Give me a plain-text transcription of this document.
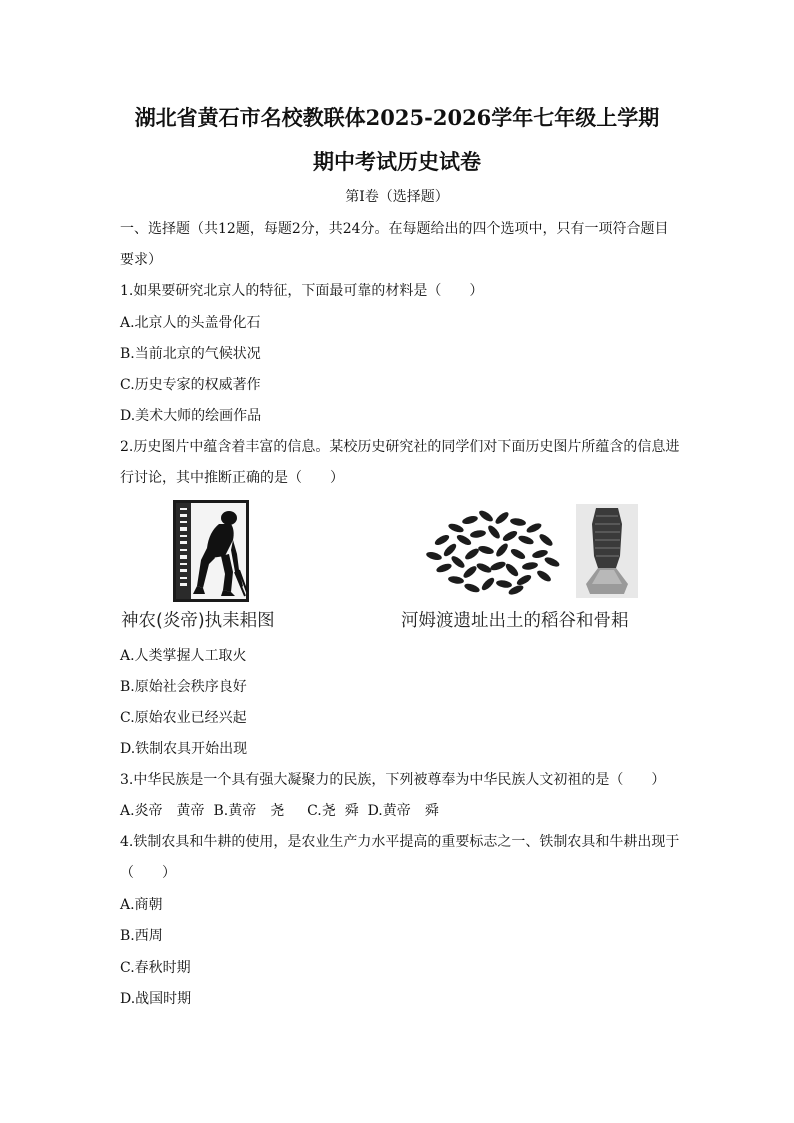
湖北省黄石市名校教联体2025-2026学年七年级上学期
期中考试历史试卷
第Ⅰ卷（选择题）
一、选择题（共12题，每题2分，共24分。在每题给出的四个选项中，只有一项符合题目
要求）
1.如果要研究北京人的特征，下面最可靠的材料是（　　）
A.北京人的头盖骨化石
B.当前北京的气候状况
C.历史专家的权威著作
D.美术大师的绘画作品
2.历史图片中蕴含着丰富的信息。某校历史研究社的同学们对下面历史图片所蕴含的信息进
行讨论，其中推断正确的是（　　）
神农(炎帝)执耒耜图	河姆渡遗址出土的稻谷和骨耜
A.人类掌握人工取火
B.原始社会秩序良好
C.原始农业已经兴起
D.铁制农具开始出现
3.中华民族是一个具有强大凝聚力的民族，下列被尊奉为中华民族人文初祖的是（　　）
A.炎帝　黄帝  B.黄帝　尧　  C.尧  舜  D.黄帝　舜
4.铁制农具和牛耕的使用，是农业生产力水平提高的重要标志之一、铁制农具和牛耕出现于
（　　）
A.商朝
B.西周
C.春秋时期
D.战国时期
